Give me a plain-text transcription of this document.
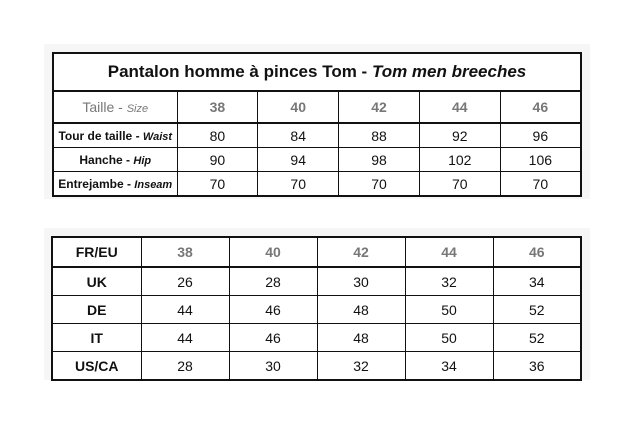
Pantalon homme à pinces Tom - Tom men breeches					
Taille - Size	38	40	42	44	46
Tour de taille - Waist	80	84	88	92	96
Hanche - Hip	90	94	98	102	106
Entrejambe - Inseam	70	70	70	70	70
FR/EU	38	40	42	44	46
UK	26	28	30	32	34
DE	44	46	48	50	52
IT	44	46	48	50	52
US/CA	28	30	32	34	36
